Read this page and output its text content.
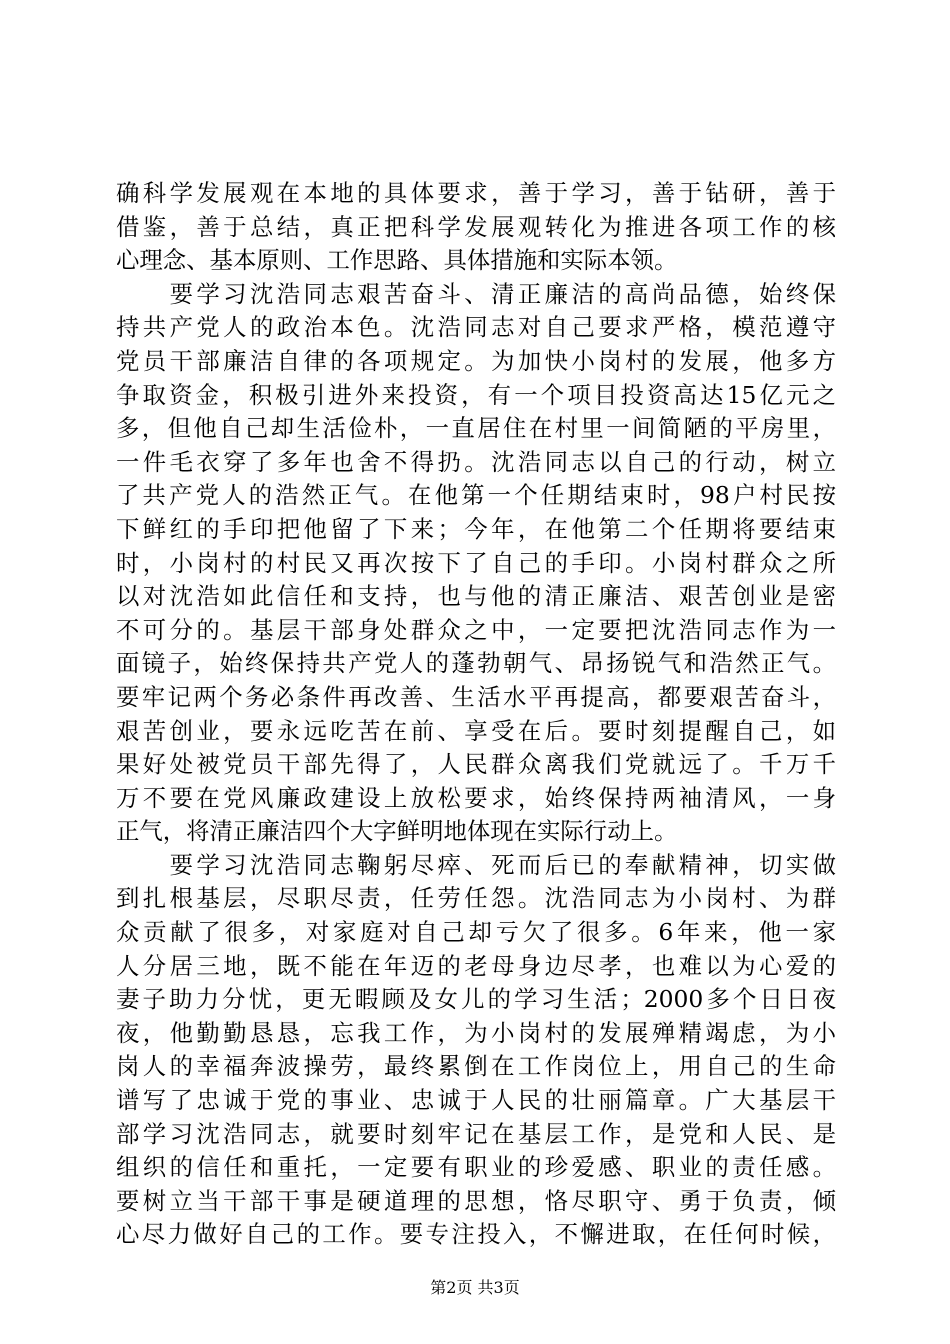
确科学发展观在本地的具体要求，善于学习，善于钻研，善于
借鉴，善于总结，真正把科学发展观转化为推进各项工作的核
心理念、基本原则、工作思路、具体措施和实际本领。
　　要学习沈浩同志艰苦奋斗、清正廉洁的高尚品德，始终保
持共产党人的政治本色。沈浩同志对自己要求严格，模范遵守
党员干部廉洁自律的各项规定。为加快小岗村的发展，他多方
争取资金，积极引进外来投资，有一个项目投资高达15亿元之
多，但他自己却生活俭朴，一直居住在村里一间简陋的平房里，
一件毛衣穿了多年也舍不得扔。沈浩同志以自己的行动，树立
了共产党人的浩然正气。在他第一个任期结束时，98户村民按
下鲜红的手印把他留了下来；今年，在他第二个任期将要结束
时，小岗村的村民又再次按下了自己的手印。小岗村群众之所
以对沈浩如此信任和支持，也与他的清正廉洁、艰苦创业是密
不可分的。基层干部身处群众之中，一定要把沈浩同志作为一
面镜子，始终保持共产党人的蓬勃朝气、昂扬锐气和浩然正气。
要牢记两个务必条件再改善、生活水平再提高，都要艰苦奋斗，
艰苦创业，要永远吃苦在前、享受在后。要时刻提醒自己，如
果好处被党员干部先得了，人民群众离我们党就远了。千万千
万不要在党风廉政建设上放松要求，始终保持两袖清风，一身
正气，将清正廉洁四个大字鲜明地体现在实际行动上。
　　要学习沈浩同志鞠躬尽瘁、死而后已的奉献精神，切实做
到扎根基层，尽职尽责，任劳任怨。沈浩同志为小岗村、为群
众贡献了很多，对家庭对自己却亏欠了很多。6年来，他一家
人分居三地，既不能在年迈的老母身边尽孝，也难以为心爱的
妻子助力分忧，更无暇顾及女儿的学习生活；2000多个日日夜
夜，他勤勤恳恳，忘我工作，为小岗村的发展殚精竭虑，为小
岗人的幸福奔波操劳，最终累倒在工作岗位上，用自己的生命
谱写了忠诚于党的事业、忠诚于人民的壮丽篇章。广大基层干
部学习沈浩同志，就要时刻牢记在基层工作，是党和人民、是
组织的信任和重托，一定要有职业的珍爱感、职业的责任感。
要树立当干部干事是硬道理的思想，恪尽职守、勇于负责，倾
心尽力做好自己的工作。要专注投入，不懈进取，在任何时候，
第2页 共3页
